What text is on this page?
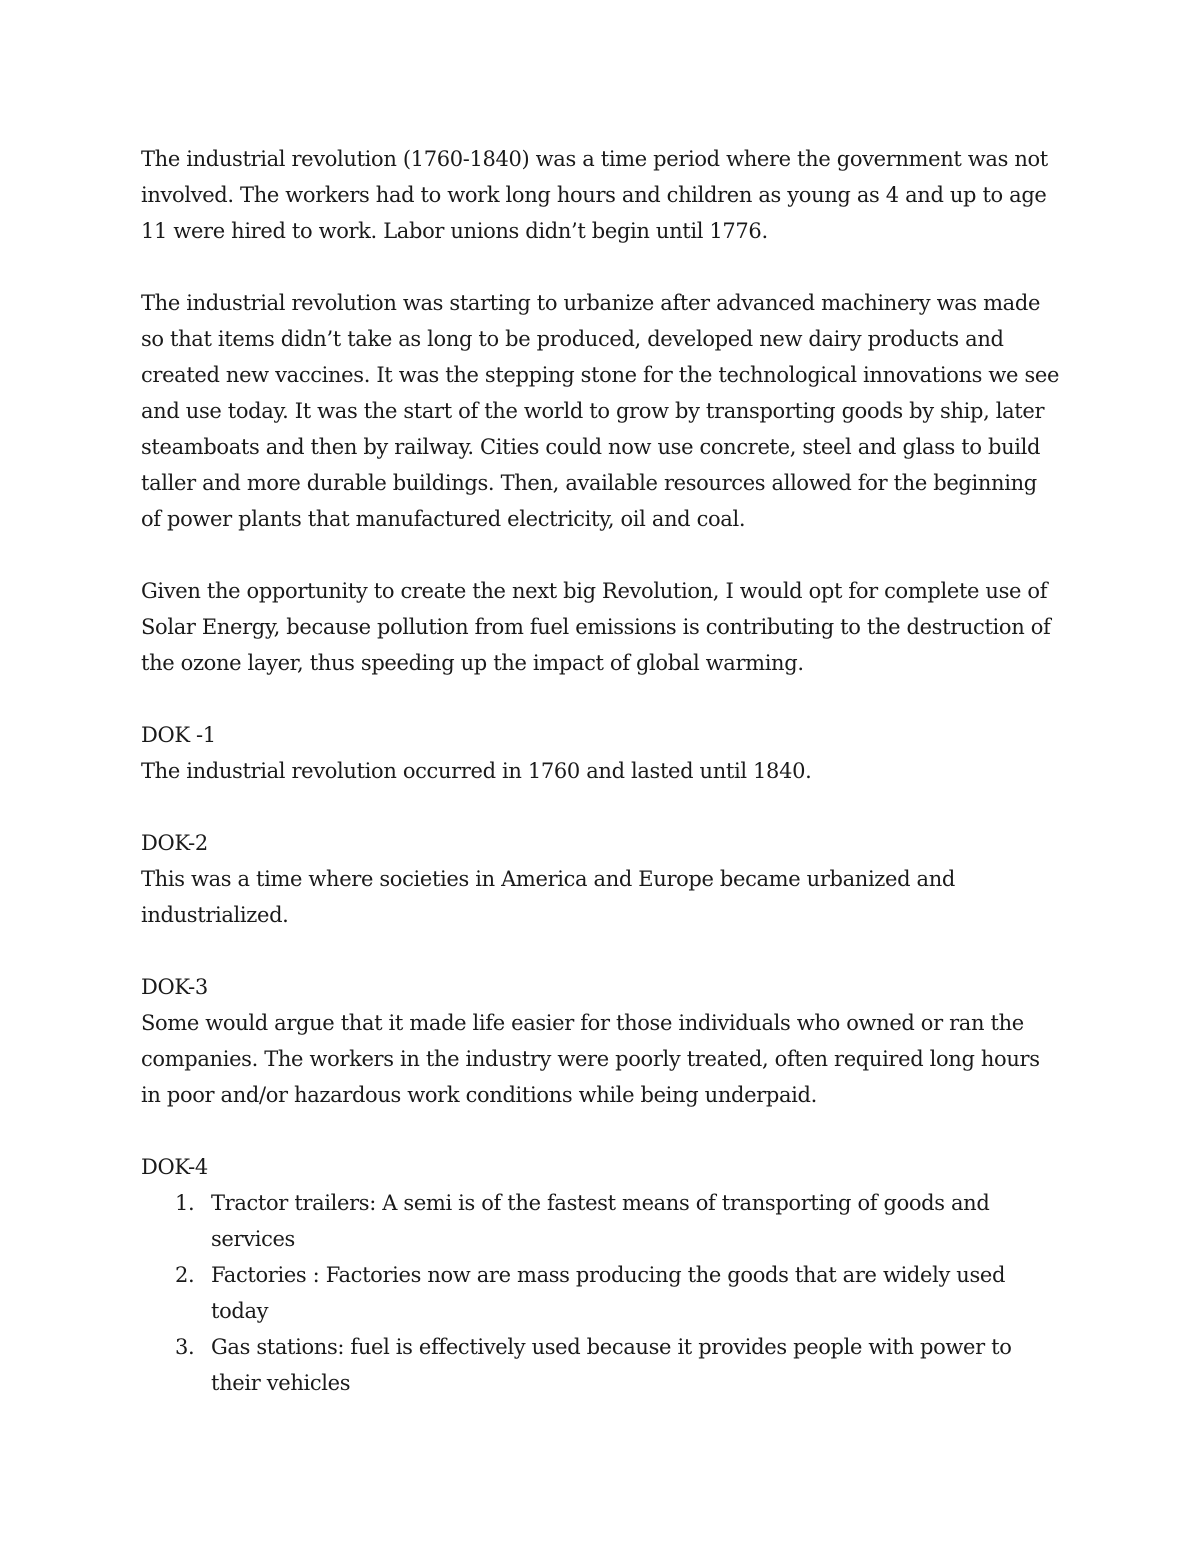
The industrial revolution (1760-1840) was a time period where the government was not involved. The workers had to work long hours and children as young as 4 and up to age 11 were hired to work. Labor unions didn’t begin until 1776.

The industrial revolution was starting to urbanize after advanced machinery was made so that items didn’t take as long to be produced, developed new dairy products and created new vaccines. It was the stepping stone for the technological innovations we see and use today. It was the start of the world to grow by transporting goods by ship, later steamboats and then by railway. Cities could now use concrete, steel and glass to build taller and more durable buildings. Then, available resources allowed for the beginning of power plants that manufactured electricity, oil and coal.

Given the opportunity to create the next big Revolution, I would opt for complete use of Solar Energy, because pollution from fuel emissions is contributing to the destruction of the ozone layer, thus speeding up the impact of global warming.

DOK -1
The industrial revolution occurred in 1760 and lasted until 1840.
DOK-2
This was a time where societies in America and Europe became urbanized and industrialized.
DOK-3
Some would argue that it made life easier for those individuals who owned or ran the companies. The workers in the industry were poorly treated, often required long hours in poor and/or hazardous work conditions while being underpaid.
DOK-4
1. Tractor trailers: A semi is of the fastest means of transporting of goods and services
2. Factories : Factories now are mass producing the goods that are widely used today
3. Gas stations: fuel is effectively used because it provides people with power to their vehicles
